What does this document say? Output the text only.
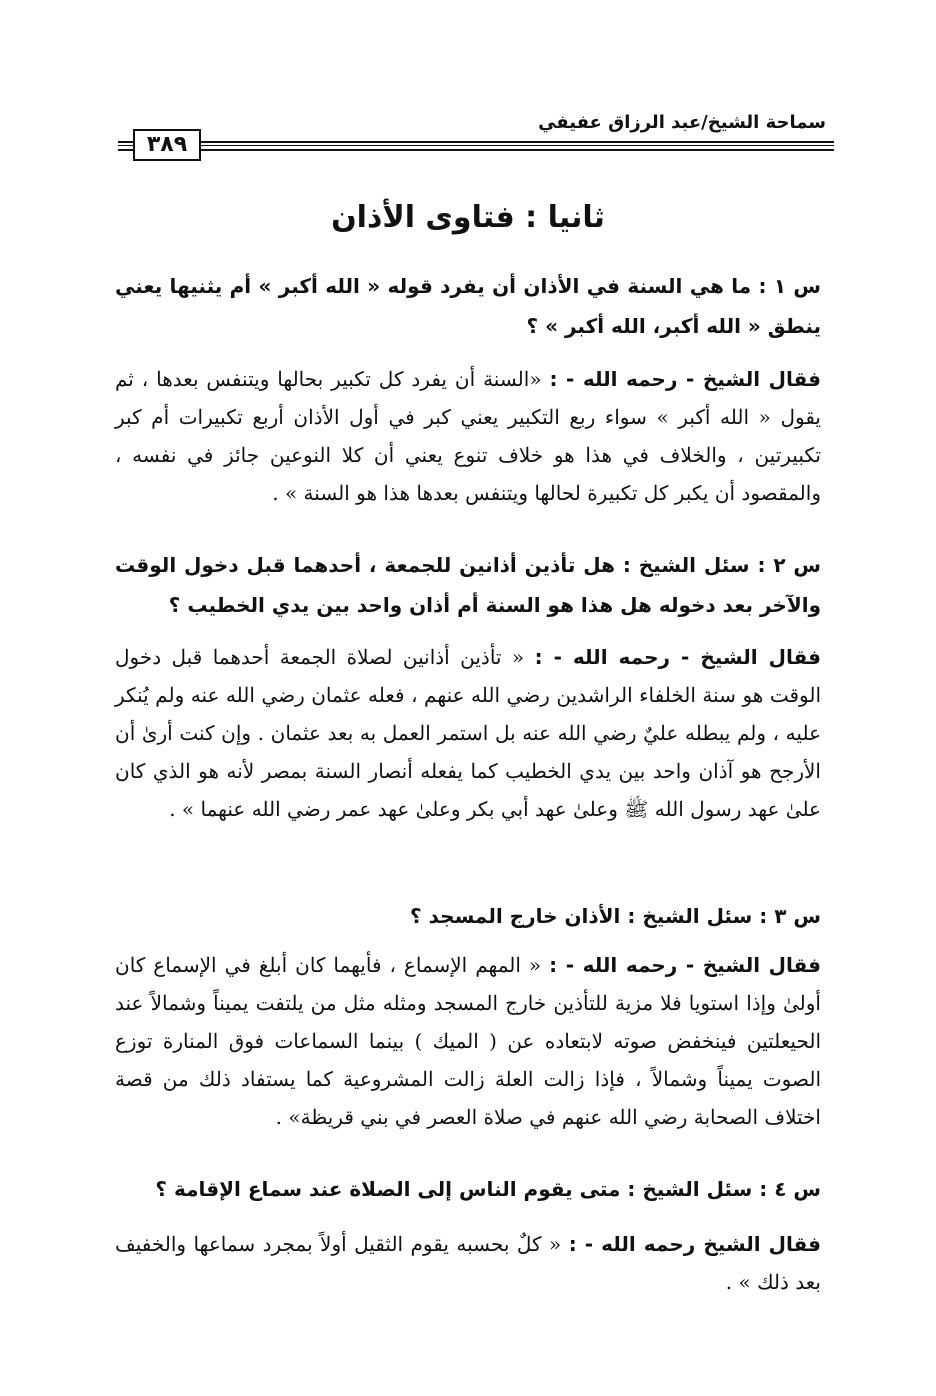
سماحة الشيخ/عبد الرزاق عفيفي
٣٨٩
ثانيا : فتاوى الأذان
س ١ : ما هي السنة في الأذان أن يفرد قوله « الله أكبر » أم يثنيها يعني ينطق « الله أكبر، الله أكبر » ؟
فقال الشيخ - رحمه الله - : «السنة أن يفرد كل تكبير بحالها ويتنفس بعدها ، ثم يقول « الله أكبر » سواء ربع التكبير يعني كبر في أول الأذان أربع تكبيرات أم كبر تكبيرتين ، والخلاف في هذا هو خلاف تنوع يعني أن كلا النوعين جائز في نفسه ، والمقصود أن يكبر كل تكبيرة لحالها ويتنفس بعدها هذا هو السنة » .
س ٢ : سئل الشيخ : هل تأذين أذانين للجمعة ، أحدهما قبل دخول الوقت والآخر بعد دخوله هل هذا هو السنة أم أذان واحد بين يدي الخطيب ؟
فقال الشيخ - رحمه الله - : « تأذين أذانين لصلاة الجمعة أحدهما قبل دخول الوقت هو سنة الخلفاء الراشدين رضي الله عنهم ، فعله عثمان رضي الله عنه ولم يُنكر عليه ، ولم يبطله عليٌ رضي الله عنه بل استمر العمل به بعد عثمان . وإن كنت أرىٰ أن الأرجح هو آذان واحد بين يدي الخطيب كما يفعله أنصار السنة بمصر لأنه هو الذي كان علىٰ عهد رسول الله ﷺ وعلىٰ عهد أبي بكر وعلىٰ عهد عمر رضي الله عنهما » .
س ٣ : سئل الشيخ : الأذان خارج المسجد ؟
فقال الشيخ - رحمه الله - : « المهم الإسماع ، فأيهما كان أبلغ في الإسماع كان أولىٰ وإذا استويا فلا مزية للتأذين خارج المسجد ومثله مثل من يلتفت يميناً وشمالاً عند الحيعلتين فينخفض صوته لابتعاده عن ( الميك ) بينما السماعات فوق المنارة توزع الصوت يميناً وشمالاً ، فإذا زالت العلة زالت المشروعية كما يستفاد ذلك من قصة اختلاف الصحابة رضي الله عنهم في صلاة العصر في بني قريظة» .
س ٤ : سئل الشيخ : متى يقوم الناس إلى الصلاة عند سماع الإقامة ؟
فقال الشيخ رحمه الله - : « كلٌ بحسبه يقوم الثقيل أولاً بمجرد سماعها والخفيف بعد ذلك » .
